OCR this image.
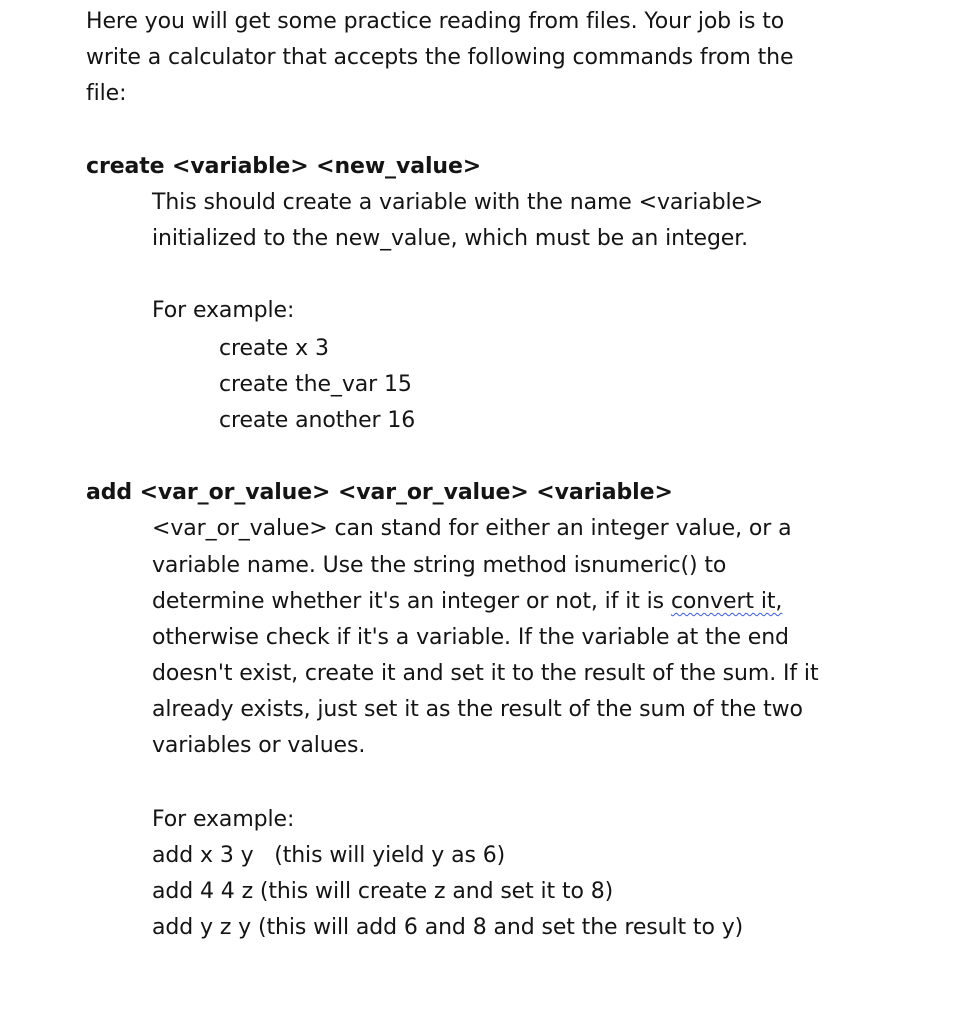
Here you will get some practice reading from files. Your job is to
write a calculator that accepts the following commands from the
file:
create <variable> <new_value>
This should create a variable with the name <variable>
initialized to the new_value, which must be an integer.
For example:
create x 3
create the_var 15
create another 16
add <var_or_value> <var_or_value> <variable>
<var_or_value> can stand for either an integer value, or a
variable name. Use the string method isnumeric() to
determine whether it's an integer or not, if it is convert it,
otherwise check if it's a variable. If the variable at the end
doesn't exist, create it and set it to the result of the sum. If it
already exists, just set it as the result of the sum of the two
variables or values.
For example:
add x 3 y   (this will yield y as 6)
add 4 4 z (this will create z and set it to 8)
add y z y (this will add 6 and 8 and set the result to y)
